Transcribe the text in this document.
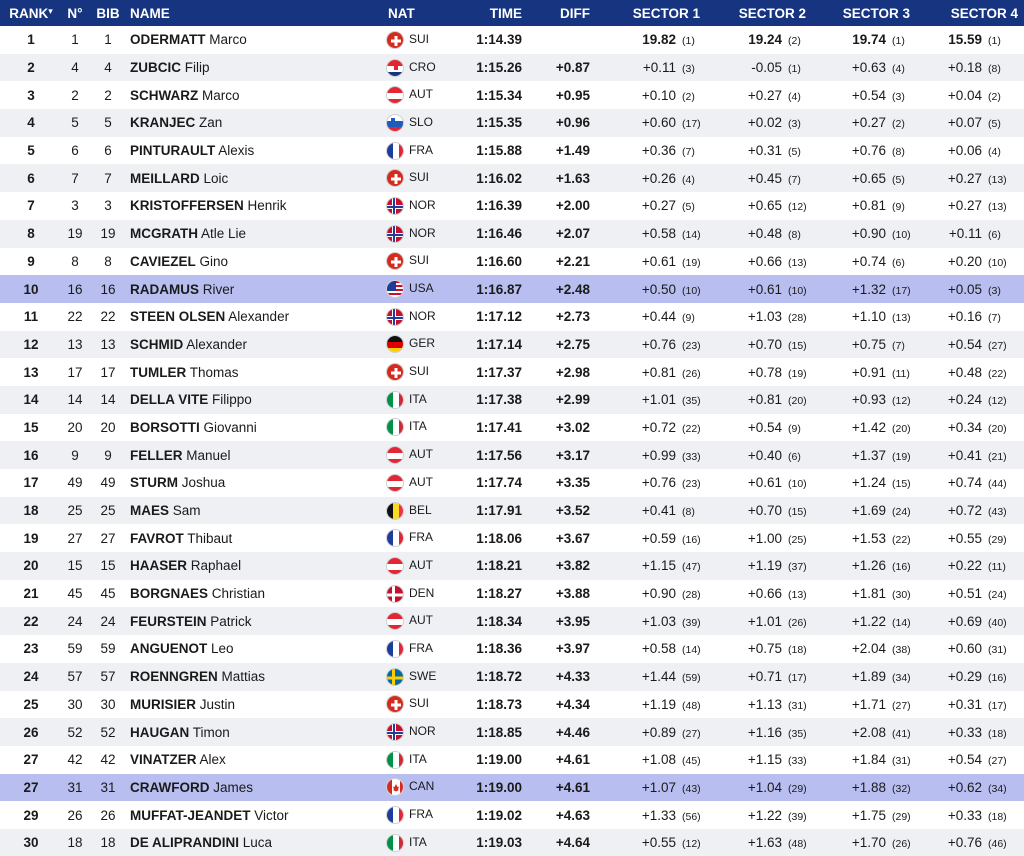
RANK▾	N°	BIB	NAME	NAT	TIME	DIFF	SECTOR 1	SECTOR 2	SECTOR 3	SECTOR 4
1	1	1	ODERMATT Marco	SUI	1:14.39		19.82 (1)	19.24 (2)	19.74 (1)	15.59 (1)
2	4	4	ZUBCIC Filip	CRO	1:15.26	+0.87	+0.11 (3)	-0.05 (1)	+0.63 (4)	+0.18 (8)
3	2	2	SCHWARZ Marco	AUT	1:15.34	+0.95	+0.10 (2)	+0.27 (4)	+0.54 (3)	+0.04 (2)
4	5	5	KRANJEC Zan	SLO	1:15.35	+0.96	+0.60 (17)	+0.02 (3)	+0.27 (2)	+0.07 (5)
5	6	6	PINTURAULT Alexis	FRA	1:15.88	+1.49	+0.36 (7)	+0.31 (5)	+0.76 (8)	+0.06 (4)
6	7	7	MEILLARD Loic	SUI	1:16.02	+1.63	+0.26 (4)	+0.45 (7)	+0.65 (5)	+0.27 (13)
7	3	3	KRISTOFFERSEN Henrik	NOR	1:16.39	+2.00	+0.27 (5)	+0.65 (12)	+0.81 (9)	+0.27 (13)
8	19	19	MCGRATH Atle Lie	NOR	1:16.46	+2.07	+0.58 (14)	+0.48 (8)	+0.90 (10)	+0.11 (6)
9	8	8	CAVIEZEL Gino	SUI	1:16.60	+2.21	+0.61 (19)	+0.66 (13)	+0.74 (6)	+0.20 (10)
10	16	16	RADAMUS River	USA	1:16.87	+2.48	+0.50 (10)	+0.61 (10)	+1.32 (17)	+0.05 (3)
11	22	22	STEEN OLSEN Alexander	NOR	1:17.12	+2.73	+0.44 (9)	+1.03 (28)	+1.10 (13)	+0.16 (7)
12	13	13	SCHMID Alexander	GER	1:17.14	+2.75	+0.76 (23)	+0.70 (15)	+0.75 (7)	+0.54 (27)
13	17	17	TUMLER Thomas	SUI	1:17.37	+2.98	+0.81 (26)	+0.78 (19)	+0.91 (11)	+0.48 (22)
14	14	14	DELLA VITE Filippo	ITA	1:17.38	+2.99	+1.01 (35)	+0.81 (20)	+0.93 (12)	+0.24 (12)
15	20	20	BORSOTTI Giovanni	ITA	1:17.41	+3.02	+0.72 (22)	+0.54 (9)	+1.42 (20)	+0.34 (20)
16	9	9	FELLER Manuel	AUT	1:17.56	+3.17	+0.99 (33)	+0.40 (6)	+1.37 (19)	+0.41 (21)
17	49	49	STURM Joshua	AUT	1:17.74	+3.35	+0.76 (23)	+0.61 (10)	+1.24 (15)	+0.74 (44)
18	25	25	MAES Sam	BEL	1:17.91	+3.52	+0.41 (8)	+0.70 (15)	+1.69 (24)	+0.72 (43)
19	27	27	FAVROT Thibaut	FRA	1:18.06	+3.67	+0.59 (16)	+1.00 (25)	+1.53 (22)	+0.55 (29)
20	15	15	HAASER Raphael	AUT	1:18.21	+3.82	+1.15 (47)	+1.19 (37)	+1.26 (16)	+0.22 (11)
21	45	45	BORGNAES Christian	DEN	1:18.27	+3.88	+0.90 (28)	+0.66 (13)	+1.81 (30)	+0.51 (24)
22	24	24	FEURSTEIN Patrick	AUT	1:18.34	+3.95	+1.03 (39)	+1.01 (26)	+1.22 (14)	+0.69 (40)
23	59	59	ANGUENOT Leo	FRA	1:18.36	+3.97	+0.58 (14)	+0.75 (18)	+2.04 (38)	+0.60 (31)
24	57	57	ROENNGREN Mattias	SWE	1:18.72	+4.33	+1.44 (59)	+0.71 (17)	+1.89 (34)	+0.29 (16)
25	30	30	MURISIER Justin	SUI	1:18.73	+4.34	+1.19 (48)	+1.13 (31)	+1.71 (27)	+0.31 (17)
26	52	52	HAUGAN Timon	NOR	1:18.85	+4.46	+0.89 (27)	+1.16 (35)	+2.08 (41)	+0.33 (18)
27	42	42	VINATZER Alex	ITA	1:19.00	+4.61	+1.08 (45)	+1.15 (33)	+1.84 (31)	+0.54 (27)
27	31	31	CRAWFORD James	CAN	1:19.00	+4.61	+1.07 (43)	+1.04 (29)	+1.88 (32)	+0.62 (34)
29	26	26	MUFFAT-JEANDET Victor	FRA	1:19.02	+4.63	+1.33 (56)	+1.22 (39)	+1.75 (29)	+0.33 (18)
30	18	18	DE ALIPRANDINI Luca	ITA	1:19.03	+4.64	+0.55 (12)	+1.63 (48)	+1.70 (26)	+0.76 (46)
